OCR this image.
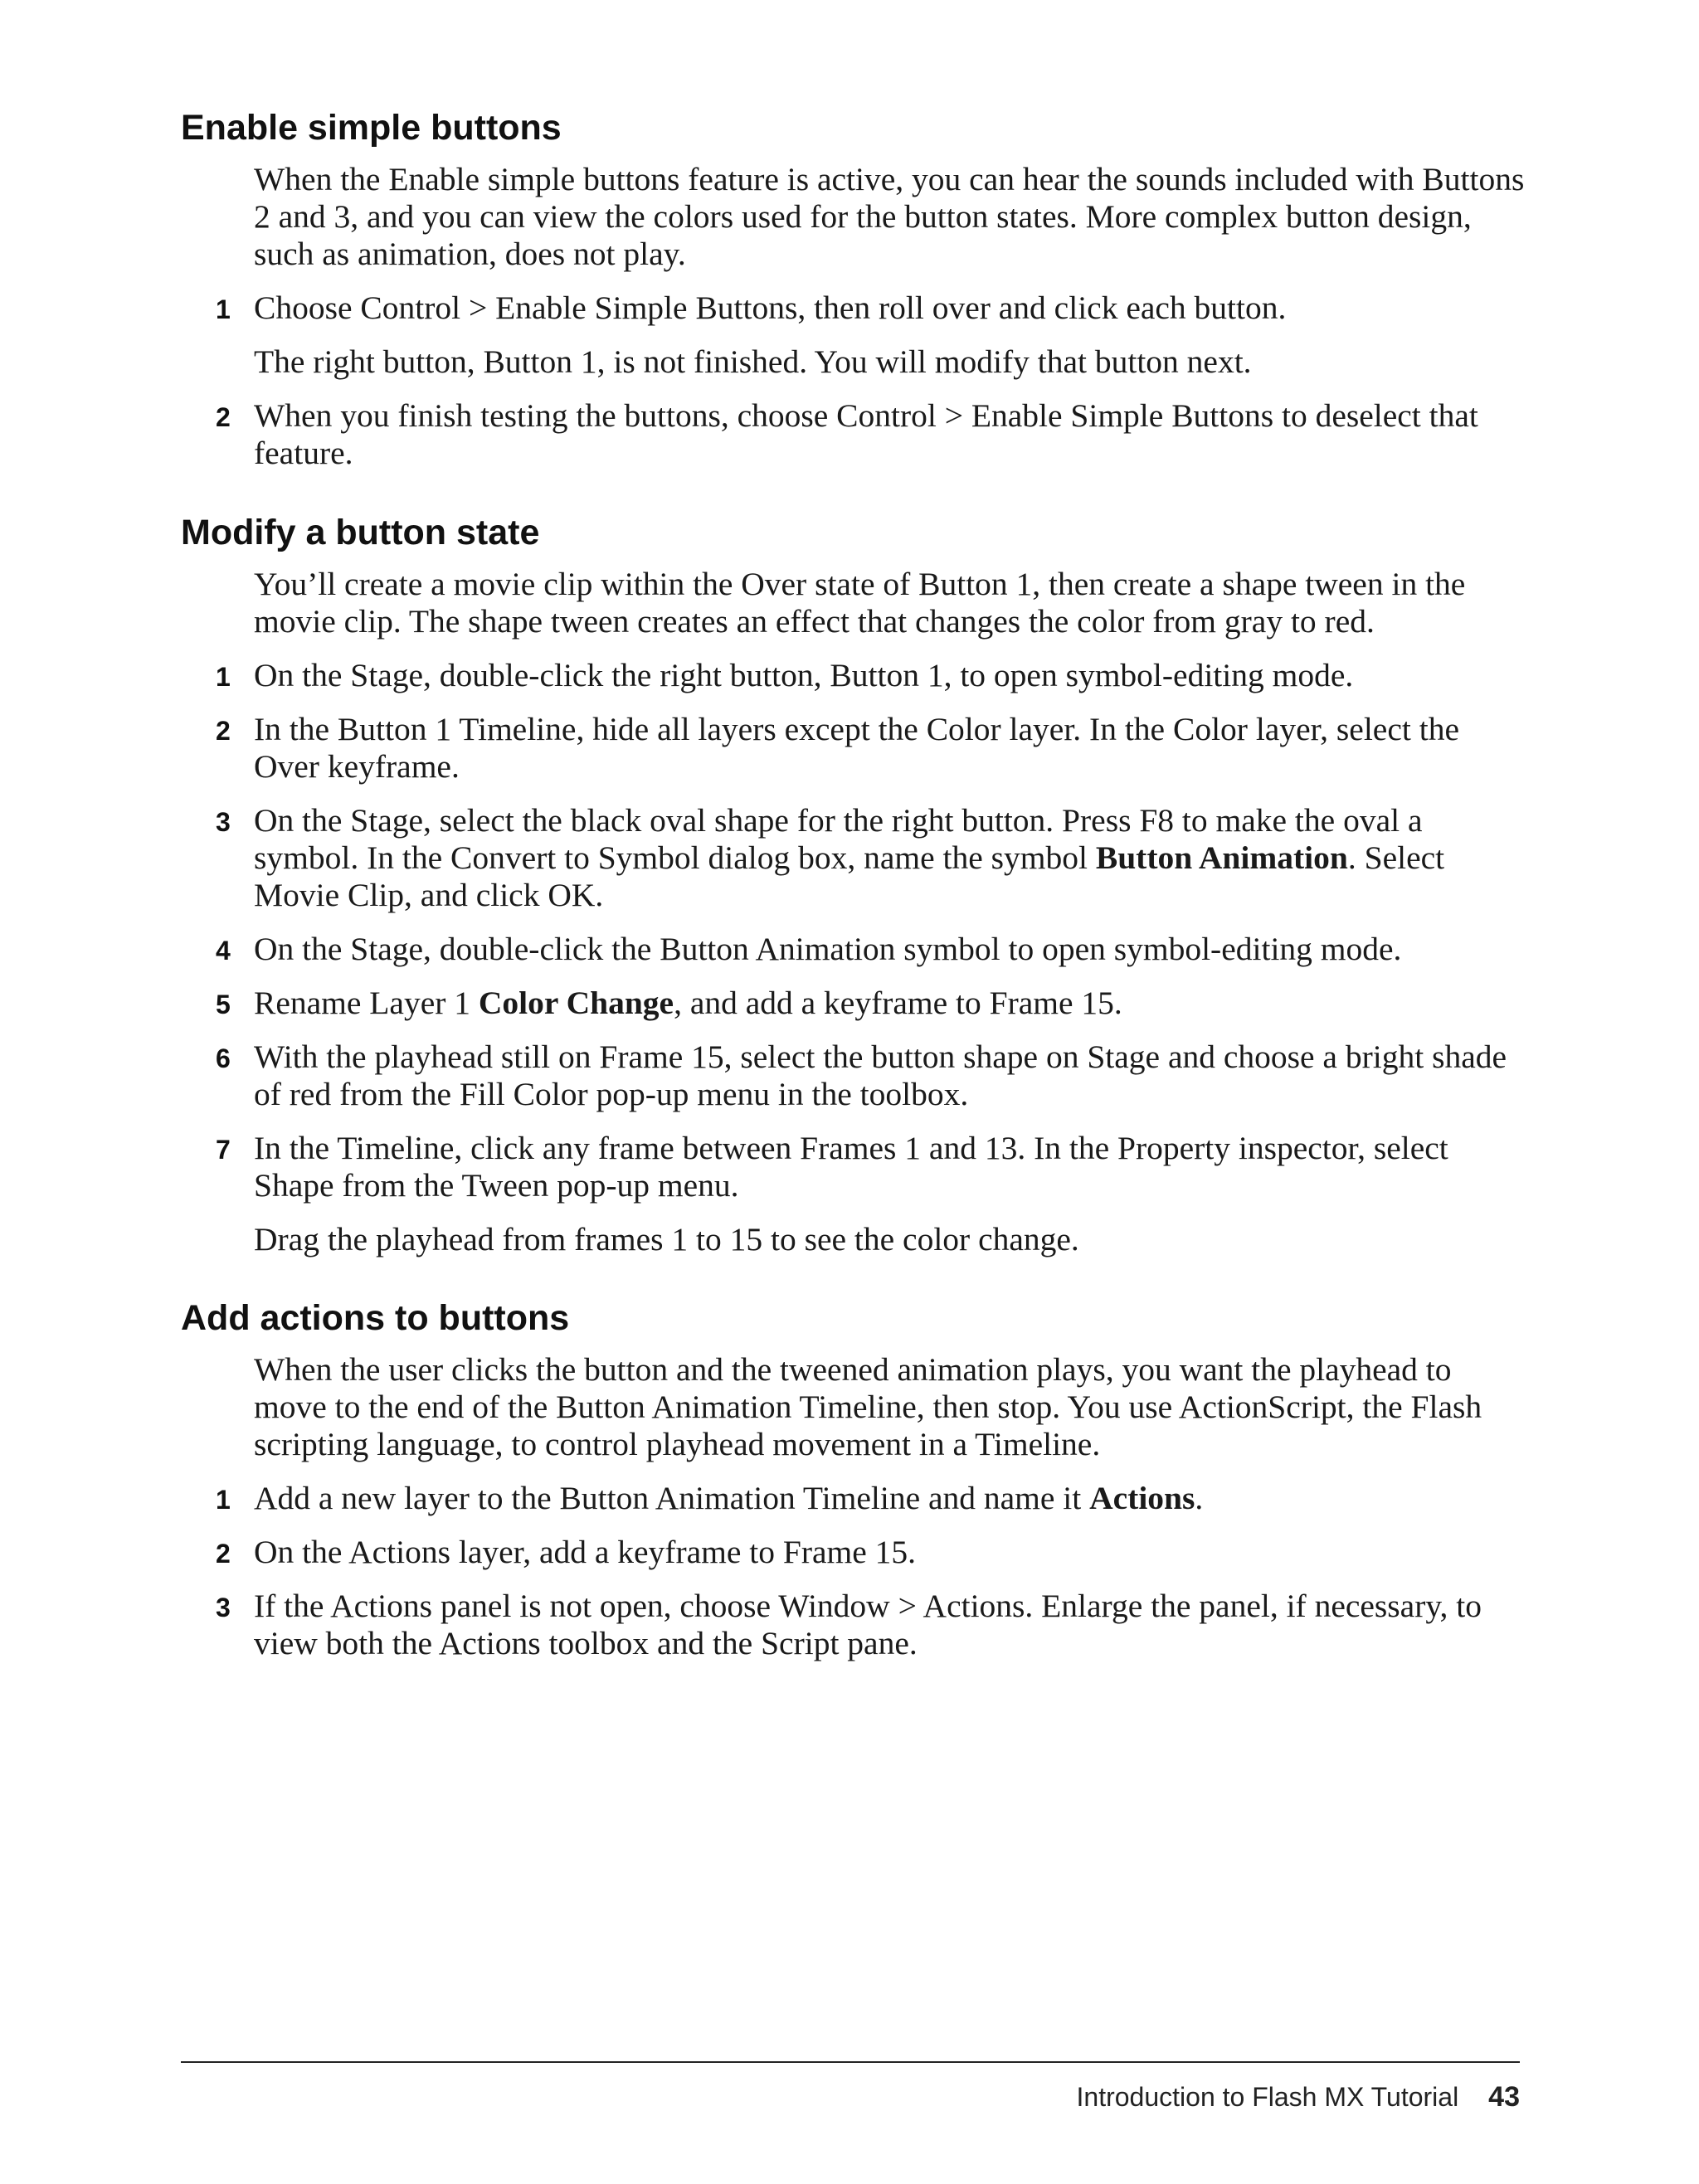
Enable simple buttons

When the Enable simple buttons feature is active, you can hear the sounds included with Buttons 2 and 3, and you can view the colors used for the button states. More complex button design, such as animation, does not play.

1 Choose Control > Enable Simple Buttons, then roll over and click each button.
The right button, Button 1, is not finished. You will modify that button next.
2 When you finish testing the buttons, choose Control > Enable Simple Buttons to deselect that feature.
Modify a button state

You’ll create a movie clip within the Over state of Button 1, then create a shape tween in the movie clip. The shape tween creates an effect that changes the color from gray to red.

1 On the Stage, double-click the right button, Button 1, to open symbol-editing mode.
2 In the Button 1 Timeline, hide all layers except the Color layer. In the Color layer, select the Over keyframe.
3 On the Stage, select the black oval shape for the right button. Press F8 to make the oval a symbol. In the Convert to Symbol dialog box, name the symbol Button Animation. Select Movie Clip, and click OK.
4 On the Stage, double-click the Button Animation symbol to open symbol-editing mode.
5 Rename Layer 1 Color Change, and add a keyframe to Frame 15.
6 With the playhead still on Frame 15, select the button shape on Stage and choose a bright shade of red from the Fill Color pop-up menu in the toolbox.
7 In the Timeline, click any frame between Frames 1 and 13. In the Property inspector, select Shape from the Tween pop-up menu.
Drag the playhead from frames 1 to 15 to see the color change.
Add actions to buttons

When the user clicks the button and the tweened animation plays, you want the playhead to move to the end of the Button Animation Timeline, then stop. You use ActionScript, the Flash scripting language, to control playhead movement in a Timeline.

1 Add a new layer to the Button Animation Timeline and name it Actions.
2 On the Actions layer, add a keyframe to Frame 15.
3 If the Actions panel is not open, choose Window > Actions. Enlarge the panel, if necessary, to view both the Actions toolbox and the Script pane.
Introduction to Flash MX Tutorial 43
